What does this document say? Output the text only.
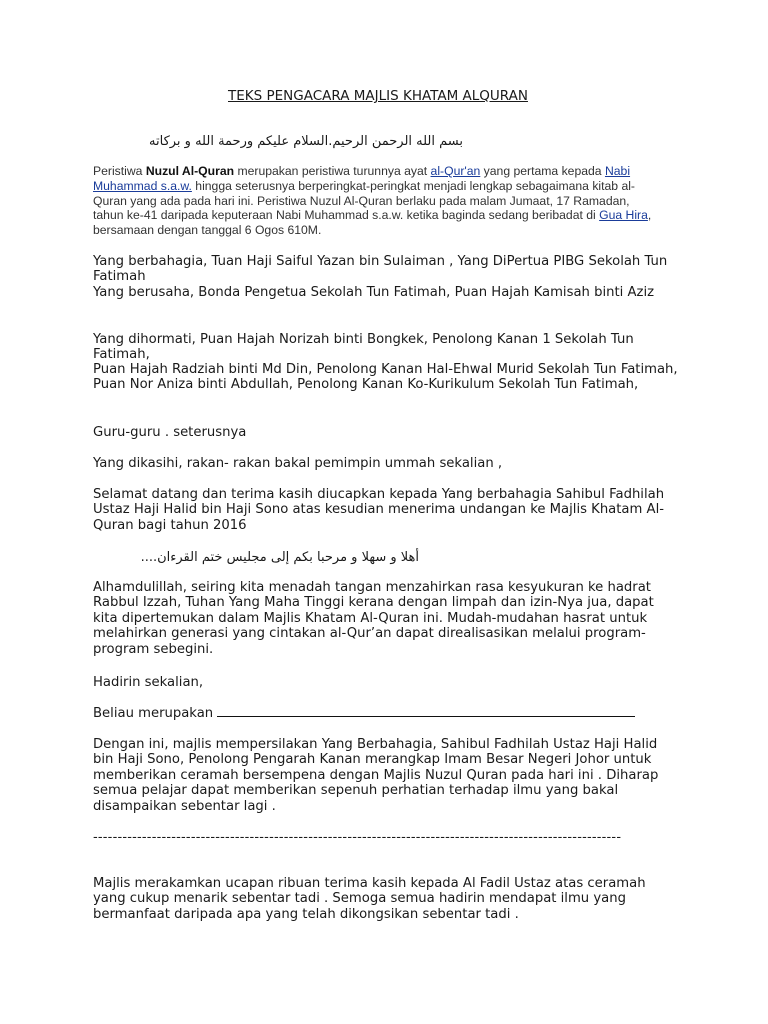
TEKS PENGACARA MAJLIS KHATAM ALQURAN
بسم الله الرحمن الرحيم.السلام عليكم ورحمة الله و بركاته
Peristiwa Nuzul Al-Quran merupakan peristiwa turunnya ayat al-Qur'an yang pertama kepada Nabi Muhammad s.a.w. hingga seterusnya berperingkat-peringkat menjadi lengkap sebagaimana kitab al-Quran yang ada pada hari ini. Peristiwa Nuzul Al-Quran berlaku pada malam Jumaat, 17 Ramadan, tahun ke-41 daripada keputeraan Nabi Muhammad s.a.w. ketika baginda sedang beribadat di Gua Hira, bersamaan dengan tanggal 6 Ogos 610M.
Yang berbahagia, Tuan Haji Saiful Yazan bin Sulaiman , Yang DiPertua PIBG Sekolah Tun Fatimah
Yang berusaha, Bonda Pengetua Sekolah Tun Fatimah, Puan Hajah Kamisah binti Aziz
Yang dihormati, Puan Hajah Norizah binti Bongkek, Penolong Kanan 1 Sekolah Tun Fatimah,
Puan Hajah Radziah binti Md Din, Penolong Kanan Hal-Ehwal Murid Sekolah Tun Fatimah, Puan Nor Aniza binti Abdullah, Penolong Kanan Ko-Kurikulum Sekolah Tun Fatimah,
Guru-guru . seterusnya
Yang dikasihi, rakan- rakan bakal pemimpin ummah sekalian ,
Selamat datang dan terima kasih diucapkan kepada Yang berbahagia Sahibul Fadhilah Ustaz Haji Halid bin Haji Sono atas kesudian menerima undangan ke Majlis Khatam Al-Quran bagi tahun 2016
أهلا و سهلا و مرحبا بكم إلى مجليس ختم القرءان....
Alhamdulillah, seiring kita menadah tangan menzahirkan rasa kesyukuran ke hadrat Rabbul Izzah, Tuhan Yang Maha Tinggi kerana dengan limpah dan izin-Nya jua, dapat kita dipertemukan dalam Majlis Khatam Al-Quran ini. Mudah-mudahan hasrat untuk melahirkan generasi yang cintakan al-Qur’an dapat direalisasikan melalui program-program sebegini.
Hadirin sekalian,
Beliau merupakan
Dengan ini, majlis mempersilakan Yang Berbahagia, Sahibul Fadhilah Ustaz Haji Halid bin Haji Sono, Penolong Pengarah Kanan merangkap Imam Besar Negeri Johor untuk memberikan ceramah bersempena dengan Majlis Nuzul Quran pada hari ini . Diharap semua pelajar dapat memberikan sepenuh perhatian terhadap ilmu yang bakal disampaikan sebentar lagi .
------------------------------------------------------------------------------------------------------------
Majlis merakamkan ucapan ribuan terima kasih kepada Al Fadil Ustaz atas ceramah yang cukup menarik sebentar tadi . Semoga semua hadirin mendapat ilmu yang bermanfaat daripada apa yang telah dikongsikan sebentar tadi .
